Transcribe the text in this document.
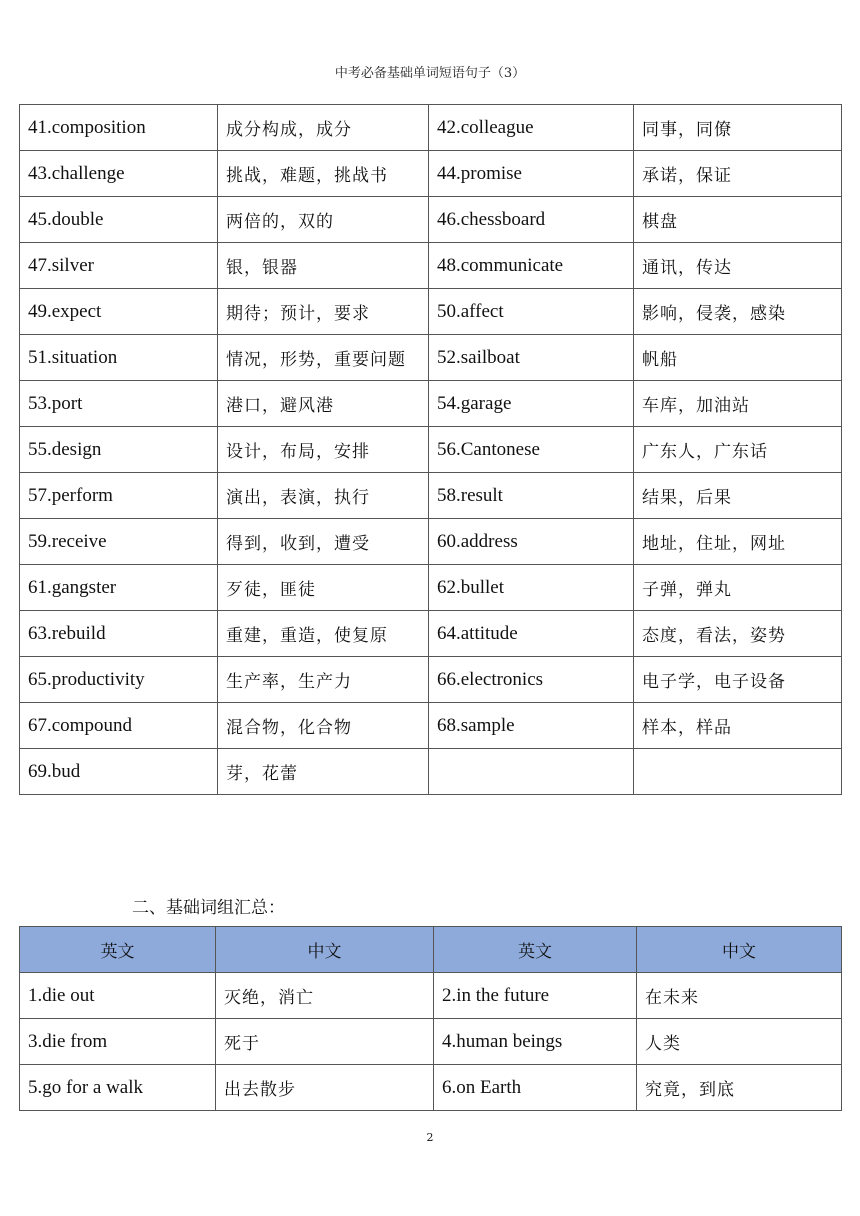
中考必备基础单词短语句子（3）
41.composition	成分构成，成分	42.colleague	同事，同僚
43.challenge	挑战，难题，挑战书	44.promise	承诺，保证
45.double	两倍的，双的	46.chessboard	棋盘
47.silver	银，银器	48.communicate	通讯，传达
49.expect	期待；预计，要求	50.affect	影响，侵袭，感染
51.situation	情况，形势，重要问题	52.sailboat	帆船
53.port	港口，避风港	54.garage	车库，加油站
55.design	设计，布局，安排	56.Cantonese	广东人，广东话
57.perform	演出，表演，执行	58.result	结果，后果
59.receive	得到，收到，遭受	60.address	地址，住址，网址
61.gangster	歹徒，匪徒	62.bullet	子弹，弹丸
63.rebuild	重建，重造，使复原	64.attitude	态度，看法，姿势
65.productivity	生产率，生产力	66.electronics	电子学，电子设备
67.compound	混合物，化合物	68.sample	样本，样品
69.bud	芽，花蕾		
二、基础词组汇总：
英文	中文	英文	中文
1.die out	灭绝，消亡	2.in the future	在未来
3.die from	死于	4.human beings	人类
5.go for a walk	出去散步	6.on Earth	究竟，到底
2
